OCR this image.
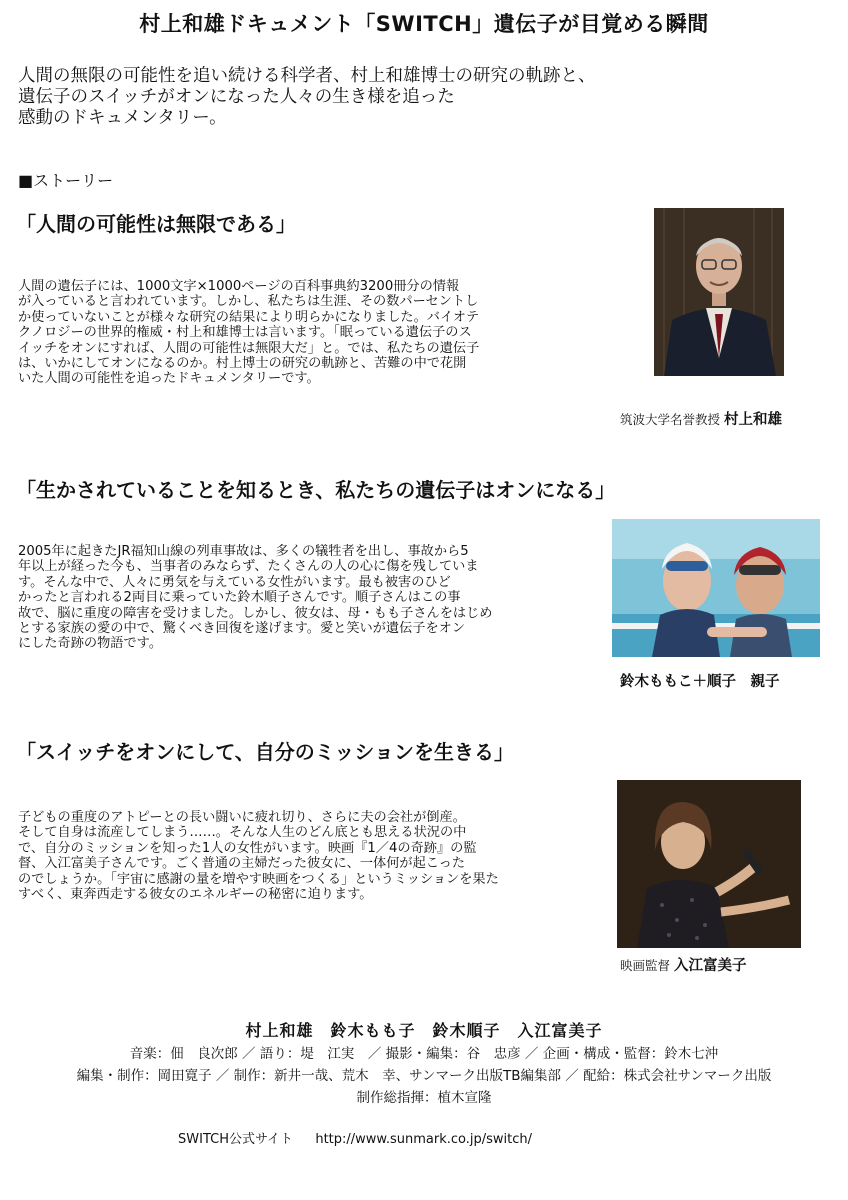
村上和雄ドキュメント「SWITCH」遺伝子が目覚める瞬間
人間の無限の可能性を追い続ける科学者、村上和雄博士の研究の軌跡と、
遺伝子のスイッチがオンになった人々の生き様を追った
感動のドキュメンタリー。
■ストーリー
「人間の可能性は無限である」
人間の遺伝子には、1000文字×1000ページの百科事典約3200冊分の情報
が入っていると言われています。しかし、私たちは生涯、その数パーセントし
か使っていないことが様々な研究の結果により明らかになりました。バイオテ
クノロジーの世界的権威・村上和雄博士は言います。「眠っている遺伝子のス
イッチをオンにすれば、人間の可能性は無限大だ」と。では、私たちの遺伝子
は、いかにしてオンになるのか。村上博士の研究の軌跡と、苦難の中で花開
いた人間の可能性を追ったドキュメンタリーです。
筑波大学名誉教授 村上和雄
「生かされていることを知るとき、私たちの遺伝子はオンになる」
2005年に起きたJR福知山線の列車事故は、多くの犠牲者を出し、事故から5
年以上が経った今も、当事者のみならず、たくさんの人の心に傷を残していま
す。そんな中で、人々に勇気を与えている女性がいます。最も被害のひど
かったと言われる2両目に乗っていた鈴木順子さんです。順子さんはこの事
故で、脳に重度の障害を受けました。しかし、彼女は、母・もも子さんをはじめ
とする家族の愛の中で、驚くべき回復を遂げます。愛と笑いが遺伝子をオン
にした奇跡の物語です。
鈴木ももこ＋順子　親子
「スイッチをオンにして、自分のミッションを生きる」
子どもの重度のアトピーとの長い闘いに疲れ切り、さらに夫の会社が倒産。
そして自身は流産してしまう……。そんな人生のどん底とも思える状況の中
で、自分のミッションを知った1人の女性がいます。映画『1／4の奇跡』の監
督、入江富美子さんです。ごく普通の主婦だった彼女に、一体何が起こった
のでしょうか。「宇宙に感謝の量を増やす映画をつくる」というミッションを果た
すべく、東奔西走する彼女のエネルギーの秘密に迫ります。
映画監督 入江富美子
村上和雄　鈴木もも子　鈴木順子　入江富美子
音楽：佃　良次郎 ／ 語り：堤　江実　／ 撮影・編集：谷　忠彦 ／ 企画・構成・監督：鈴木七沖
編集・制作：岡田寛子 ／ 制作：新井一哉、荒木　幸、サンマーク出版TB編集部 ／ 配給：株式会社サンマーク出版
制作総指揮：植木宣隆
SWITCH公式サイト http://www.sunmark.co.jp/switch/
